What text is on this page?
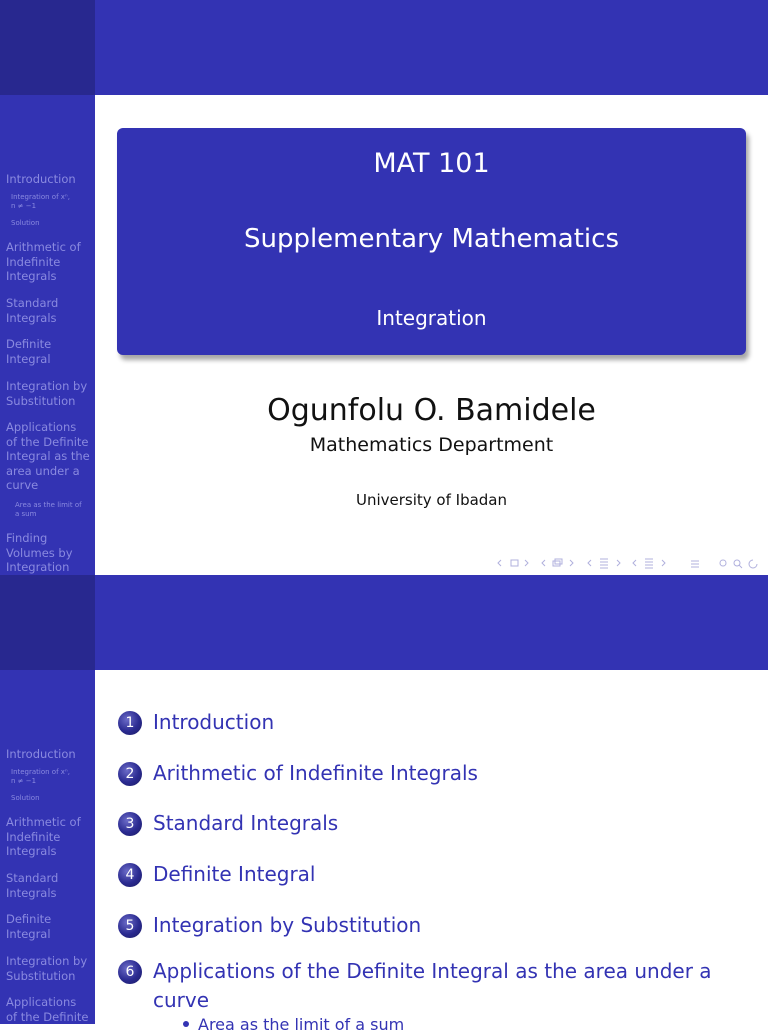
Introduction
Integration of xⁿ,
n ≠ −1
Solution
Arithmetic of
Indefinite
Integrals
Standard
Integrals
Definite
Integral
Integration by
Substitution
Applications
of the Definite
Integral as the
area under a
curve
Area as the limit of
a sum
Finding
Volumes by
Integration
MAT 101
Supplementary Mathematics
Integration
Ogunfolu O. Bamidele
Mathematics Department
University of Ibadan
Introduction
Integration of xⁿ,
n ≠ −1
Solution
Arithmetic of
Indefinite
Integrals
Standard
Integrals
Definite
Integral
Integration by
Substitution
Applications
of the Definite
1 Introduction
2 Arithmetic of Indefinite Integrals
3 Standard Integrals
4 Definite Integral
5 Integration by Substitution
6 Applications of the Definite Integral as the area under a curve
Area as the limit of a sum
